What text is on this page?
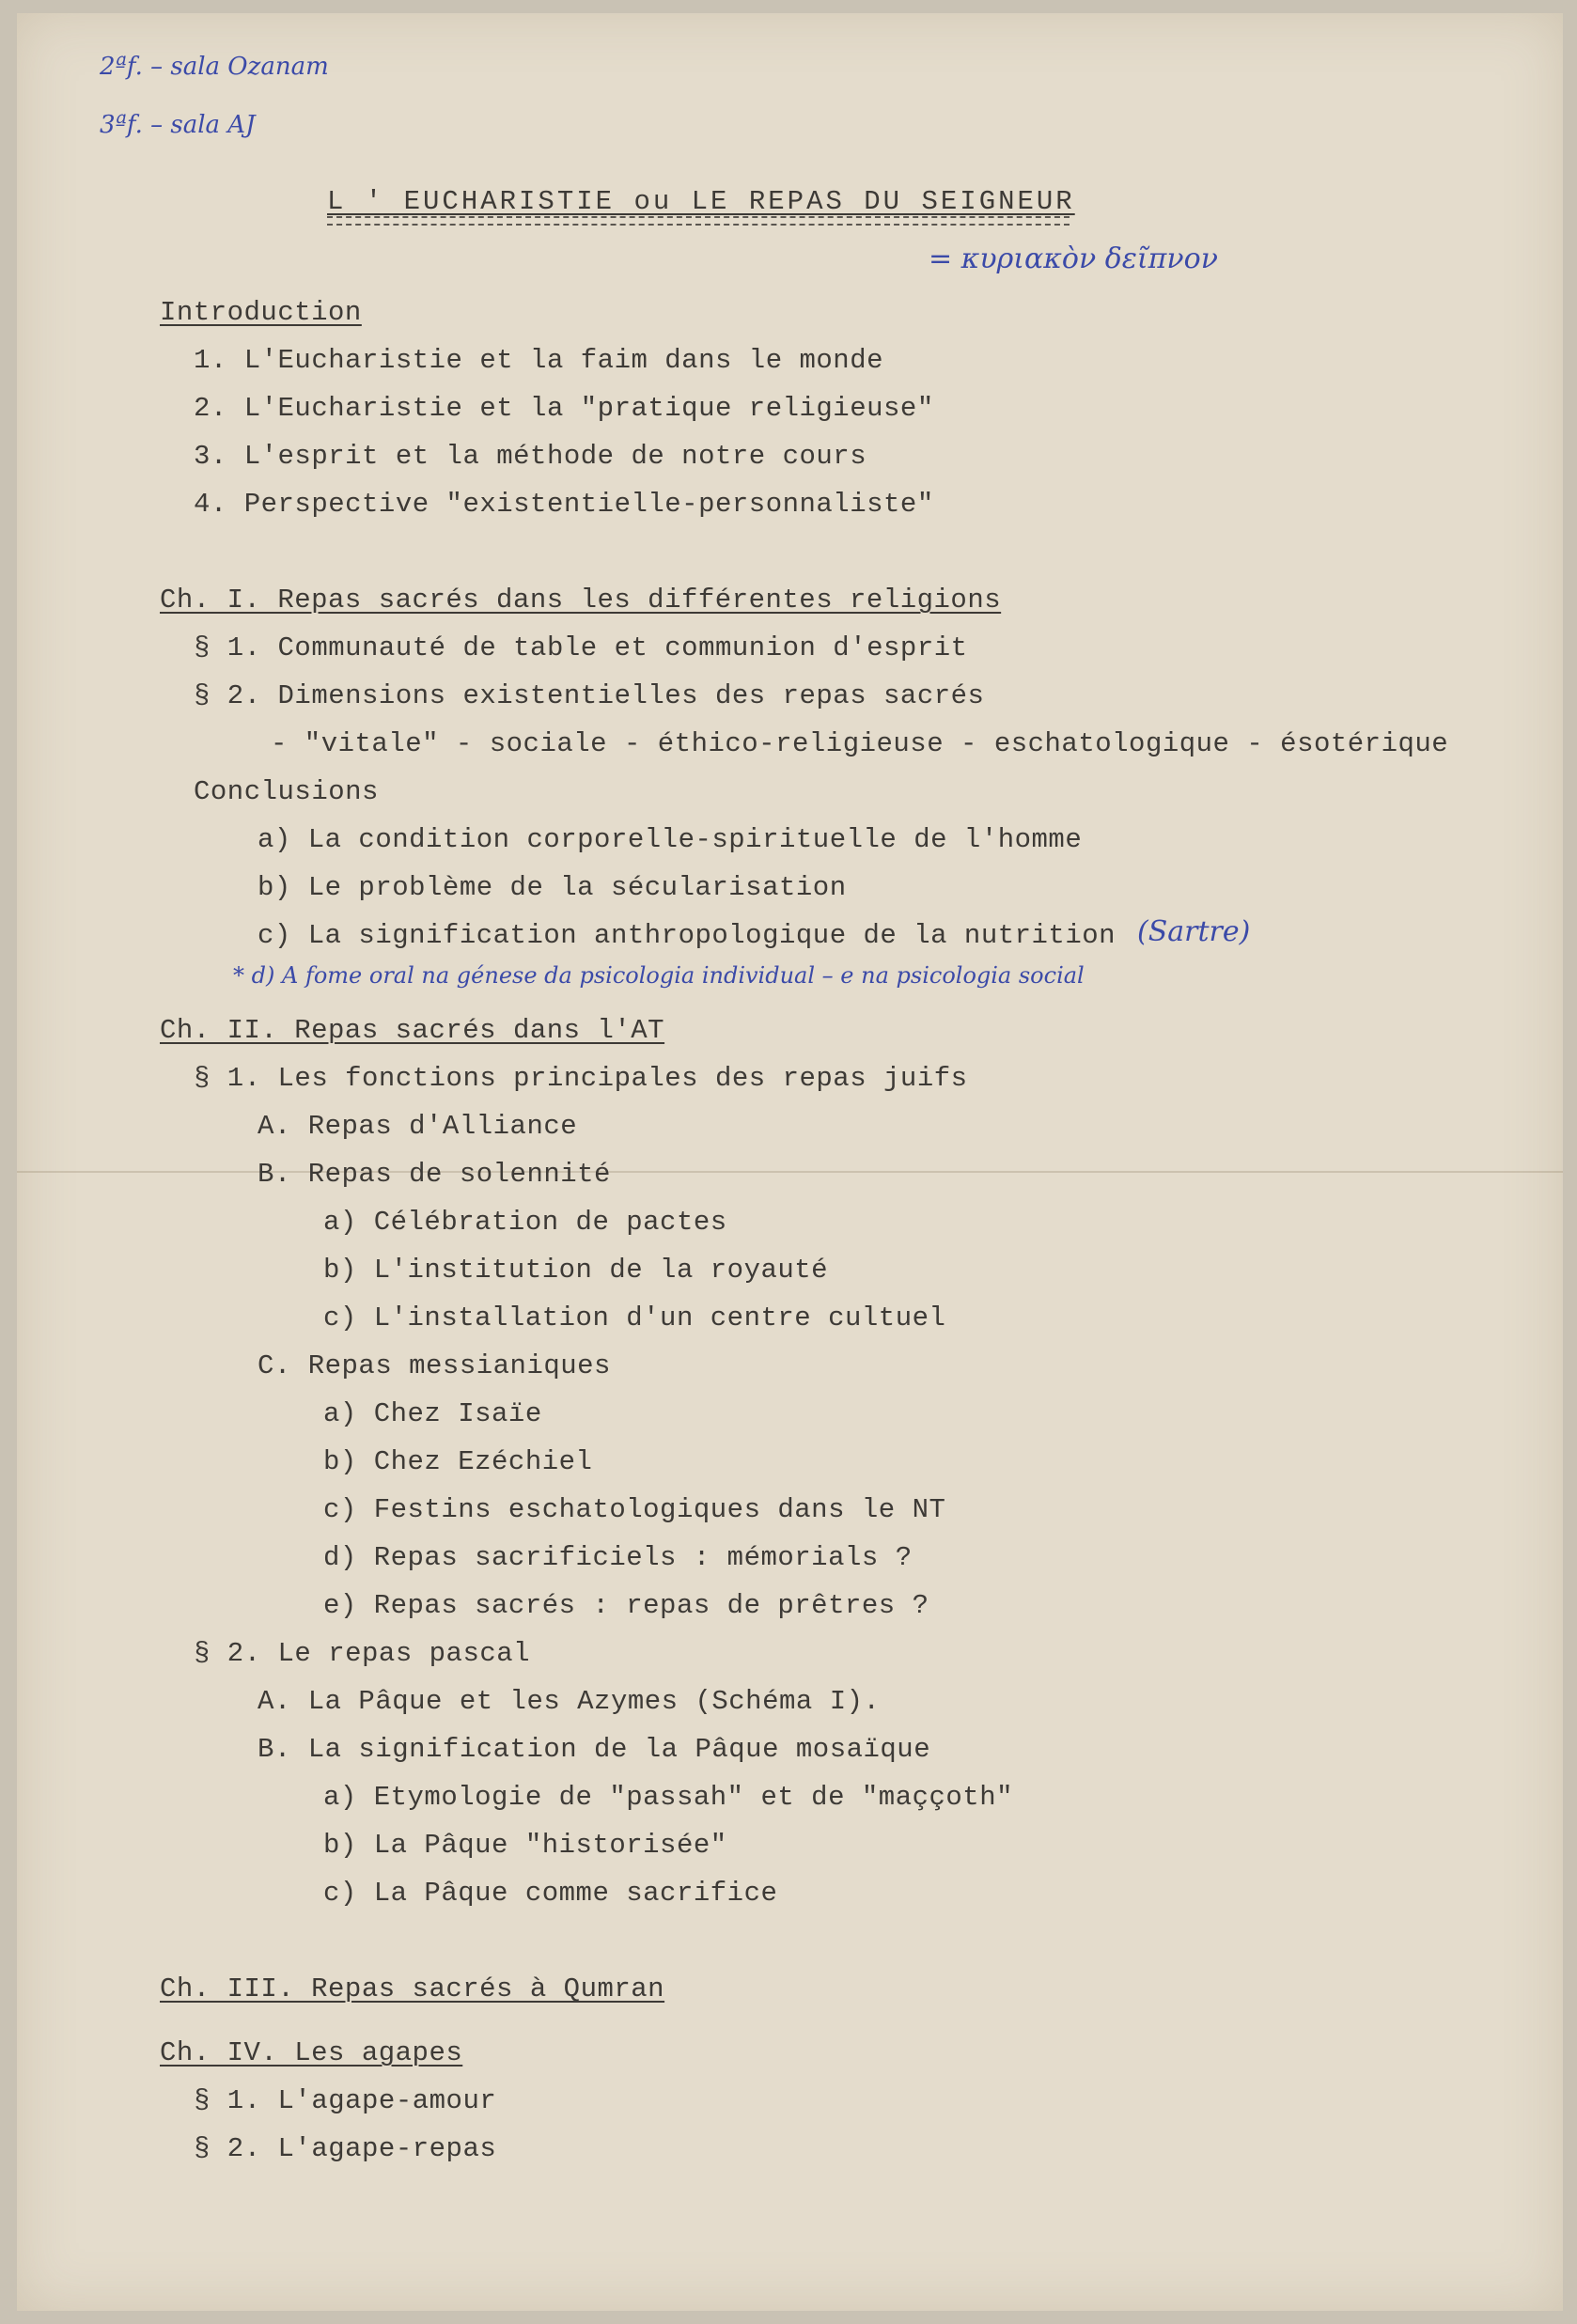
2ªf. – sala Ozanam
3ªf. – sala AJ
L ' EUCHARISTIE ou LE REPAS DU SEIGNEUR
= κυριακὸν δεῖπνον
Introduction
1. L'Eucharistie et la faim dans le monde
2. L'Eucharistie et la "pratique religieuse"
3. L'esprit et la méthode de notre cours
4. Perspective "existentielle-personnaliste"
Ch. I. Repas sacrés dans les différentes religions
§ 1. Communauté de table et communion d'esprit
§ 2. Dimensions existentielles des repas sacrés
- "vitale" - sociale - éthico-religieuse - eschatologique - ésotérique
Conclusions
a) La condition corporelle-spirituelle de l'homme
b) Le problème de la sécularisation
c) La signification anthropologique de la nutrition (Sartre)
* d) A fome oral na génese da psicologia individual – e na psicologia social
Ch. II. Repas sacrés dans l'AT
§ 1. Les fonctions principales des repas juifs
A. Repas d'Alliance
B. Repas de solennité
a) Célébration de pactes
b) L'institution de la royauté
c) L'installation d'un centre cultuel
C. Repas messianiques
a) Chez Isaïe
b) Chez Ezéchiel
c) Festins eschatologiques dans le NT
d) Repas sacrificiels : mémorials ?
e) Repas sacrés : repas de prêtres ?
§ 2. Le repas pascal
A. La Pâque et les Azymes (Schéma I).
B. La signification de la Pâque mosaïque
a) Etymologie de "passah" et de "maççoth"
b) La Pâque "historisée"
c) La Pâque comme sacrifice
Ch. III. Repas sacrés à Qumran
Ch. IV. Les agapes
§ 1. L'agape-amour
§ 2. L'agape-repas
